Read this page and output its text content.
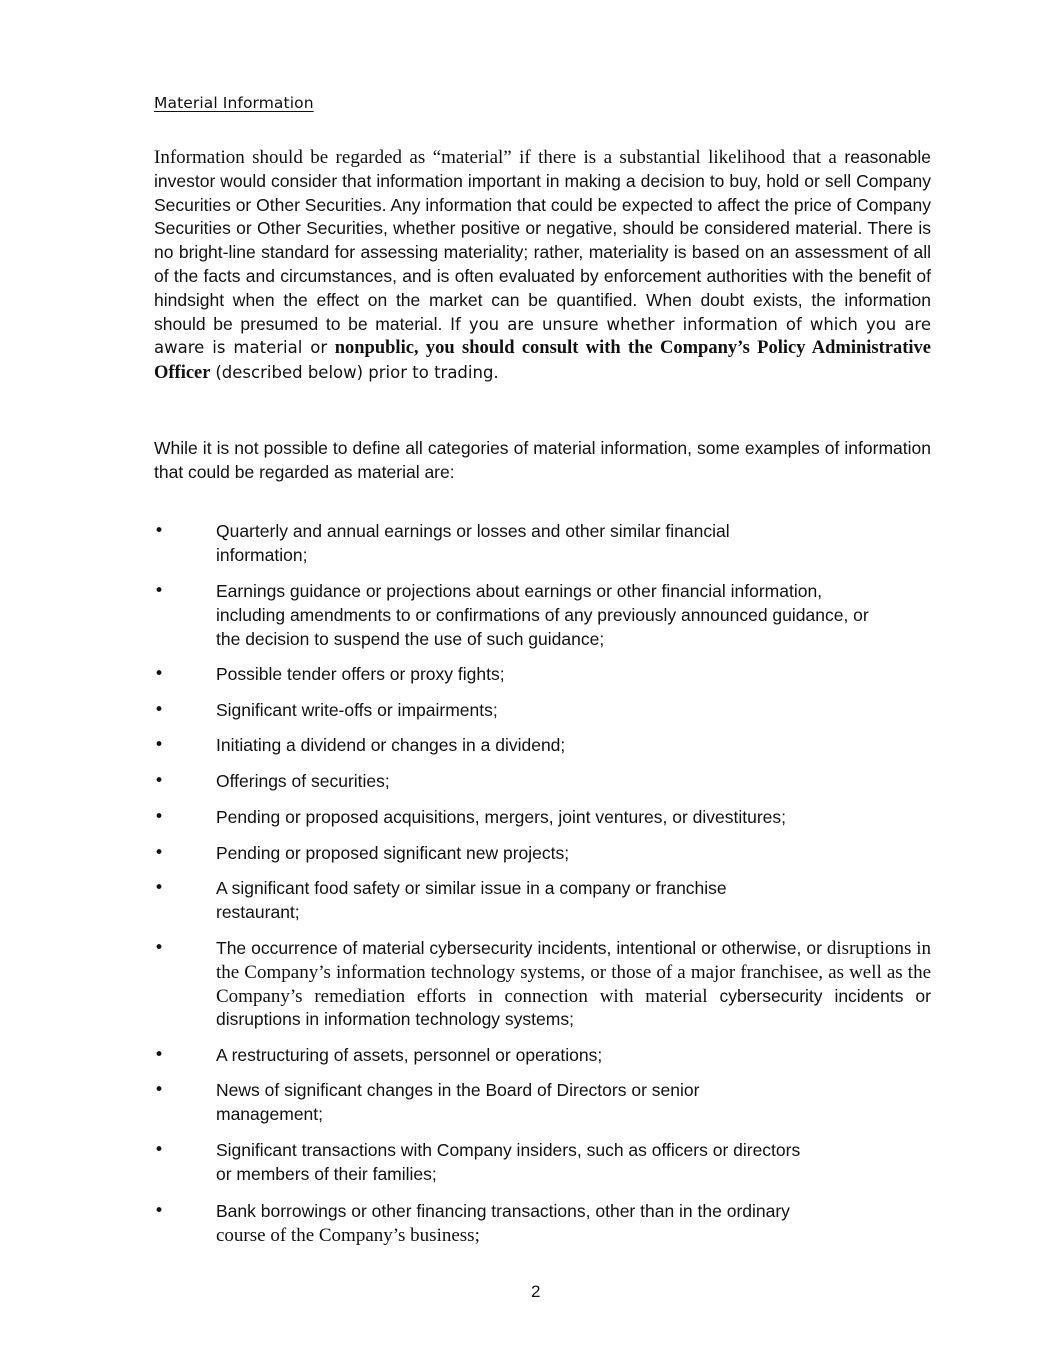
Material Information

Information should be regarded as “material” if there is a substantial likelihood that a reasonable investor would consider that information important in making a decision to buy, hold or sell Company Securities or Other Securities. Any information that could be expected to affect the price of Company Securities or Other Securities, whether positive or negative, should be considered material. There is no bright-line standard for assessing materiality; rather, materiality is based on an assessment of all of the facts and circumstances, and is often evaluated by enforcement authorities with the benefit of hindsight when the effect on the market can be quantified. When doubt exists, the information should be presumed to be material. If you are unsure whether information of which you are aware is material or nonpublic, you should consult with the Company’s Policy Administrative Officer (described below) prior to trading.

While it is not possible to define all categories of material information, some examples of information that could be regarded as material are:

•	Quarterly and annual earnings or losses and other similar financial
information;

•	Earnings guidance or projections about earnings or other financial information,
including amendments to or confirmations of any previously announced guidance, or
the decision to suspend the use of such guidance;

•	Possible tender offers or proxy fights;

•	Significant write-offs or impairments;

•	Initiating a dividend or changes in a dividend;

•	Offerings of securities;

•	Pending or proposed acquisitions, mergers, joint ventures, or divestitures;

•	Pending or proposed significant new projects;

•	A significant food safety or similar issue in a company or franchise
restaurant;

•	The occurrence of material cybersecurity incidents, intentional or otherwise, or disruptions in the Company’s information technology systems, or those of a major franchisee, as well as the Company’s remediation efforts in connection with material cybersecurity incidents or disruptions in information technology systems;

•	A restructuring of assets, personnel or operations;

•	News of significant changes in the Board of Directors or senior
management;

•	Significant transactions with Company insiders, such as officers or directors
or members of their families;

•	Bank borrowings or other financing transactions, other than in the ordinary
course of the Company’s business;

2
